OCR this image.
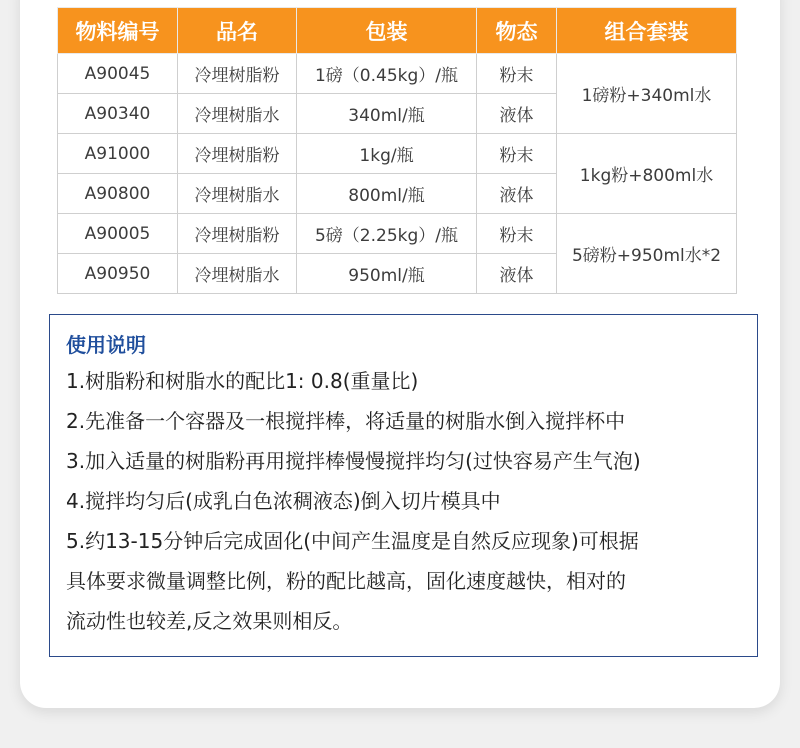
物料编号	品名	包装	物态	组合套装
A90045	冷埋树脂粉	1磅（0.45kg）/瓶	粉末	1磅粉+340ml水
A90340	冷埋树脂水	340ml/瓶	液体	
A91000	冷埋树脂粉	1kg/瓶	粉末	1kg粉+800ml水
A90800	冷埋树脂水	800ml/瓶	液体	
A90005	冷埋树脂粉	5磅（2.25kg）/瓶	粉末	5磅粉+950ml水*2
A90950	冷埋树脂水	950ml/瓶	液体	
使用说明
1.树脂粉和树脂水的配比1: 0.8(重量比)
2.先准备一个容器及一根搅拌棒，将适量的树脂水倒入搅拌杯中
3.加入适量的树脂粉再用搅拌棒慢慢搅拌均匀(过快容易产生气泡)
4.搅拌均匀后(成乳白色浓稠液态)倒入切片模具中
5.约13-15分钟后完成固化(中间产生温度是自然反应现象)可根据
具体要求微量调整比例，粉的配比越高，固化速度越快，相对的
流动性也较差,反之效果则相反。
